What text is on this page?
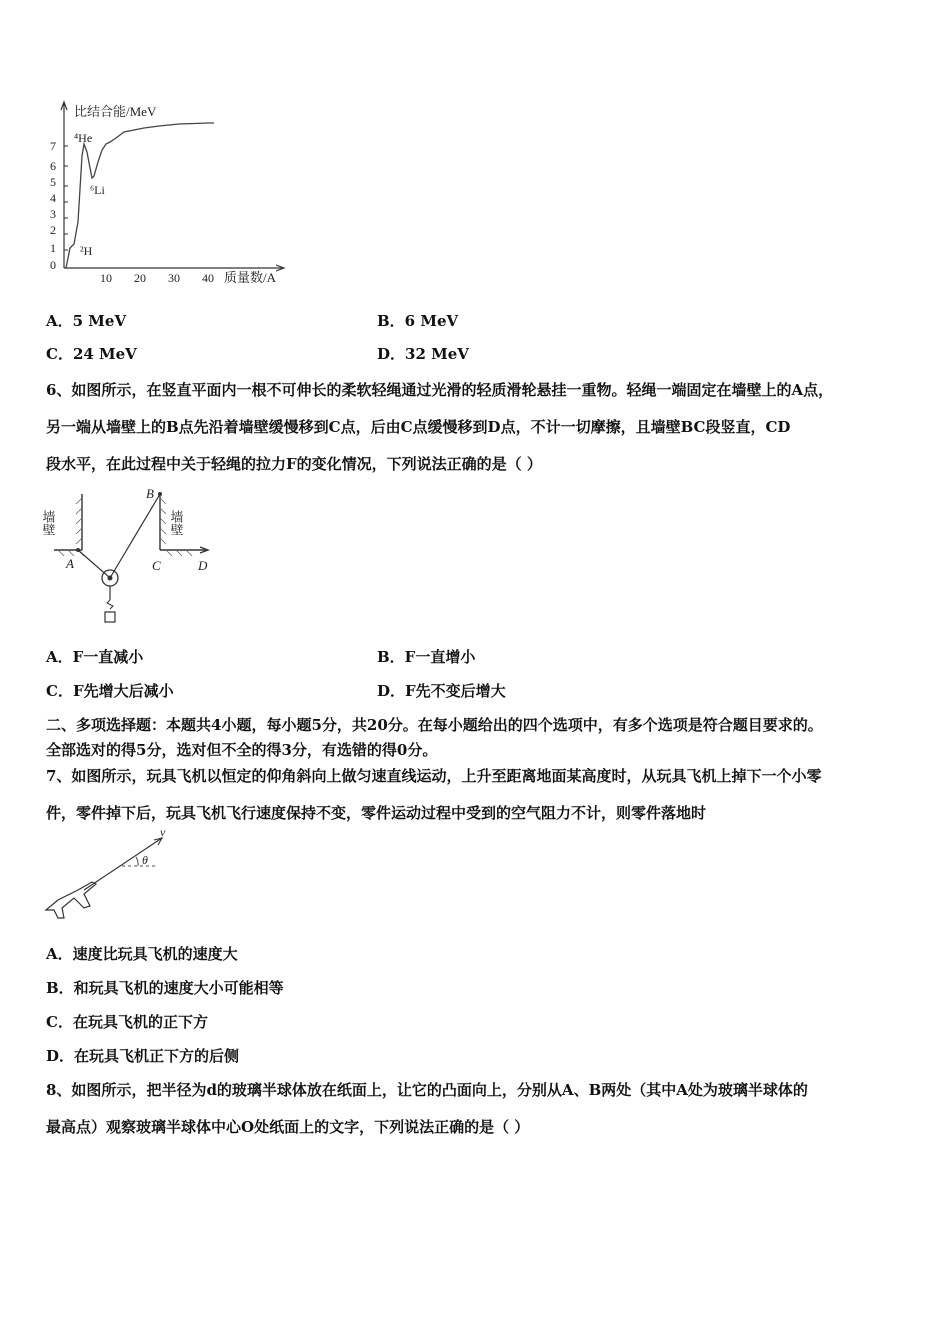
比结合能/MeV
⁴He
⁶Li
²H
7
6
5
4
3
2
1
0
10 20 30 40 质量数/A
A．5 MeV	B．6 MeV
C．24 MeV	D．32 MeV
6、如图所示，在竖直平面内一根不可伸长的柔软轻绳通过光滑的轻质滑轮悬挂一重物。轻绳一端固定在墙壁上的A点，
另一端从墙壁上的B点先沿着墙壁缓慢移到C点，后由C点缓慢移到D点，不计一切摩擦，且墙壁BC段竖直，CD
段水平，在此过程中关于轻绳的拉力F的变化情况，下列说法正确的是（ ）
墙壁	墙壁
A
B
C	D
A．F一直减小	B．F一直增小
C．F先增大后减小	D．F先不变后增大
二、多项选择题：本题共4小题，每小题5分，共20分。在每小题给出的四个选项中，有多个选项是符合题目要求的。
全部选对的得5分，选对但不全的得3分，有选错的得0分。
7、如图所示，玩具飞机以恒定的仰角斜向上做匀速直线运动，上升至距离地面某高度时，从玩具飞机上掉下一个小零
件，零件掉下后，玩具飞机飞行速度保持不变，零件运动过程中受到的空气阻力不计，则零件落地时
v
θ
A．速度比玩具飞机的速度大
B．和玩具飞机的速度大小可能相等
C．在玩具飞机的正下方
D．在玩具飞机正下方的后侧
8、如图所示，把半径为d的玻璃半球体放在纸面上，让它的凸面向上，分别从A、B两处（其中A处为玻璃半球体的
最高点）观察玻璃半球体中心O处纸面上的文字，下列说法正确的是（ ）
